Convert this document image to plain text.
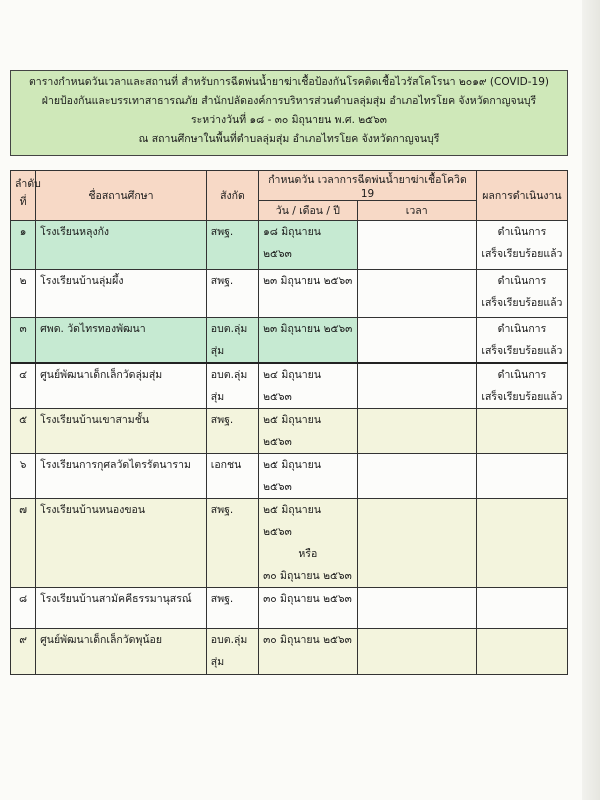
ตารางกำหนดวันเวลาและสถานที่ สำหรับการฉีดพ่นน้ำยาฆ่าเชื้อป้องกันโรคติดเชื้อไวรัสโคโรนา ๒๐๑๙ (COVID-19)
ฝ่ายป้องกันและบรรเทาสาธารณภัย สำนักปลัดองค์การบริหารส่วนตำบลลุ่มสุ่ม อำเภอไทรโยค จังหวัดกาญจนบุรี
ระหว่างวันที่ ๑๘ - ๓๐ มิถุนายน พ.ศ. ๒๕๖๓
ณ สถานศึกษาในพื้นที่ตำบลลุ่มสุ่ม อำเภอไทรโยค จังหวัดกาญจนบุรี
ลำดับที่	ชื่อสถานศึกษา	สังกัด	กำหนดวัน เวลาการฉีดพ่นน้ำยาฆ่าเชื้อโควิด 19		ผลการดำเนินงาน
			วัน / เดือน / ปี	เวลา	
๑	โรงเรียนหลุงกัง	สพฐ.	๑๘ มิถุนายน ๒๕๖๓		ดำเนินการ
เสร็จเรียบร้อยแล้ว

๒	โรงเรียนบ้านลุ่มผึ้ง	สพฐ.	๒๓ มิถุนายน ๒๕๖๓		ดำเนินการ
เสร็จเรียบร้อยแล้ว

๓	ศพด. วัดไทรทองพัฒนา	อบต.ลุ่มสุ่ม	๒๓ มิถุนายน ๒๕๖๓		ดำเนินการ
เสร็จเรียบร้อยแล้ว

๔	ศูนย์พัฒนาเด็กเล็กวัดลุ่มสุ่ม	อบต.ลุ่มสุ่ม	๒๔ มิถุนายน ๒๕๖๓		ดำเนินการ
เสร็จเรียบร้อยแล้ว

๕	โรงเรียนบ้านเขาสามชั้น	สพฐ.	๒๕ มิถุนายน ๒๕๖๓		
๖	โรงเรียนการกุศลวัดไตรรัตนาราม	เอกชน	๒๕ มิถุนายน ๒๕๖๓		
๗	โรงเรียนบ้านหนองขอน	สพฐ.	๒๕ มิถุนายน ๒๕๖๓
หรือ
๓๐ มิถุนายน ๒๕๖๓		

๘	โรงเรียนบ้านสามัคคีธรรมานุสรณ์	สพฐ.	๓๐ มิถุนายน ๒๕๖๓		
๙	ศูนย์พัฒนาเด็กเล็กวัดพุน้อย	อบต.ลุ่มสุ่ม	๓๐ มิถุนายน ๒๕๖๓		
